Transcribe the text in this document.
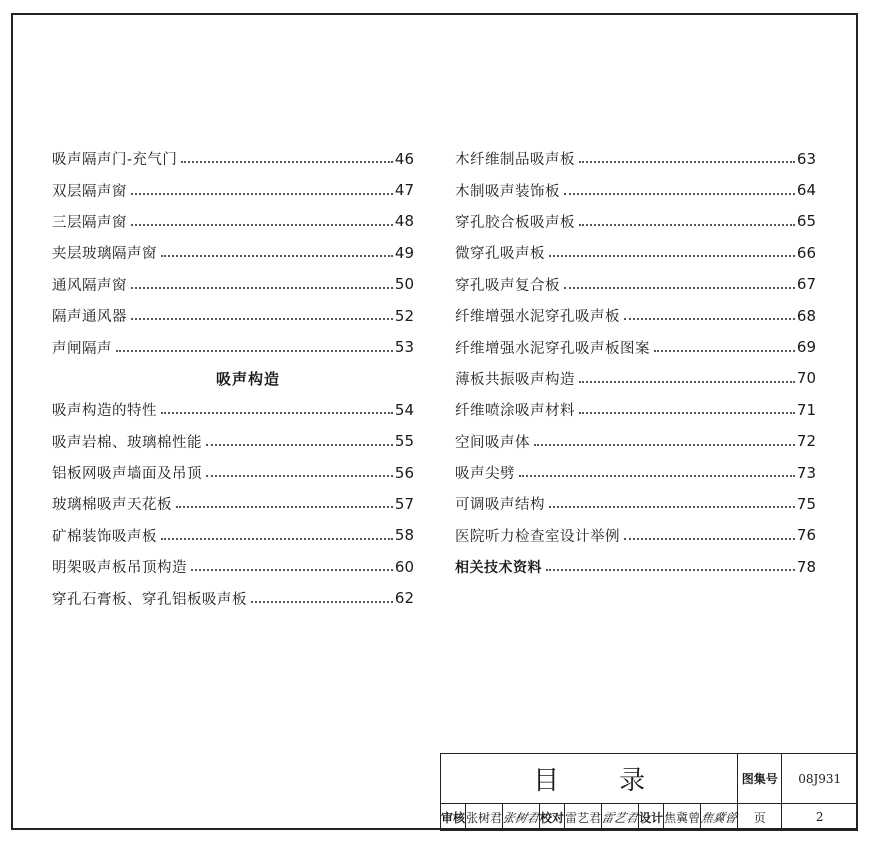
吸声隔声门-充气门	46
双层隔声窗	47
三层隔声窗	48
夹层玻璃隔声窗	49
通风隔声窗	50
隔声通风器	52
声闸隔声	53
吸声构造
吸声构造的特性	54
吸声岩棉、玻璃棉性能	55
铝板网吸声墙面及吊顶	56
玻璃棉吸声天花板	57
矿棉装饰吸声板	58
明架吸声板吊顶构造	60
穿孔石膏板、穿孔铝板吸声板	62
木纤维制品吸声板	63
木制吸声装饰板	64
穿孔胶合板吸声板	65
微穿孔吸声板	66
穿孔吸声复合板	67
纤维增强水泥穿孔吸声板	68
纤维增强水泥穿孔吸声板图案	69
薄板共振吸声构造	70
纤维喷涂吸声材料	71
空间吸声体	72
吸声尖劈	73
可调吸声结构	75
医院听力检查室设计举例	76
相关技术资料	78
目录									图集号	08J931
审核	张树君	张树君	校对	雷艺君	雷艺君	设计	焦冀曾	焦冀曾	页	2
